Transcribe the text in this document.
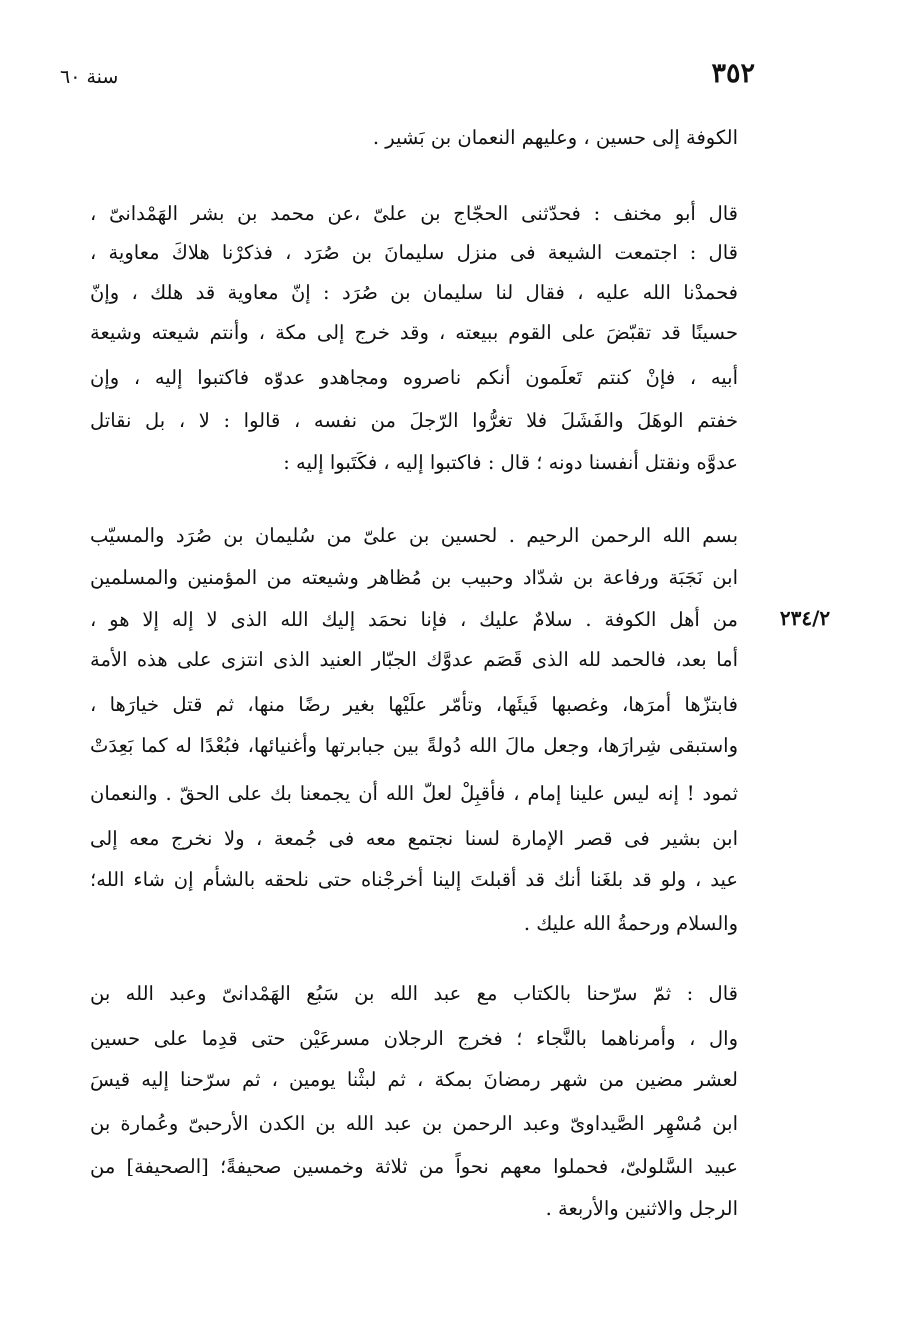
٣٥٢
سنة ٦٠
٢٣٤/٢
الكوفة إلى حسين ، وعليهم النعمان بن بَشير .
قال أبو مخنف : فحدّثنى الحجّاج بن علىّ ،عن محمد بن بشر الهَمْدانىّ ،
قال : اجتمعت الشيعة فى منزل سليمانَ بن صُرَد ، فذكرْنا هلاكَ معاوية ،
فحمدْنا الله عليه ، فقال لنا سليمان بن صُرَد : إنّ معاوية قد هلك ، وإنّ
حسينًا قد تقبّضَ على القوم ببيعته ، وقد خرج إلى مكة ، وأنتم شيعته وشيعة
أبيه ، فإنْ كنتم تَعلَمون أنكم ناصروه ومجاهدو عدوّه فاكتبوا إليه ، وإن
خفتم الوهَلَ والفَشَلَ فلا تغرُّوا الرّجلَ من نفسه ، قالوا : لا ، بل نقاتل
عدوَّه ونقتل أنفسنا دونه ؛ قال : فاكتبوا إليه ، فكَتَبوا إليه :
بسم الله الرحمن الرحيم . لحسين بن علىّ من سُليمان بن صُرَد والمسيّب
ابن نَجَبَة ورفاعة بن شدّاد وحبيب بن مُظاهر وشيعته من المؤمنين والمسلمين
من أهل الكوفة . سلامٌ عليك ، فإنا نحمَد إليك الله الذى لا إله إلا هو ،
أما بعد، فالحمد لله الذى قَصَم عدوَّك الجبّار العنيد الذى انتزى على هذه الأمة
فابتزّها أمرَها، وغصبها فَيئَها، وتأمّر علَيْها بغير رضًا منها، ثم قتل خيارَها ،
واستبقى شِرارَها، وجعل مالَ الله دُولةً بين جبابرتها وأغنيائها، فبُعْدًا له كما بَعِدَتْ
ثمود ! إنه ليس علينا إمام ، فأقبِلْ لعلّ الله أن يجمعنا بك على الحقّ . والنعمان
ابن بشير فى قصر الإمارة لسنا نجتمع معه فى جُمعة ، ولا نخرج معه إلى
عيد ، ولو قد بلغَنا أنك قد أقبلتَ إلينا أخرجْناه حتى نلحقه بالشأم إن شاء الله؛
والسلام ورحمةُ الله عليك .
قال : ثمّ سرّحنا بالكتاب مع عبد الله بن سَبُع الهَمْدانىّ وعبد الله بن
وال ، وأمرناهما بالنَّجاء ؛ فخرج الرجلان مسرعَيْن حتى قدِما على حسين
لعشر مضين من شهر رمضانَ بمكة ، ثم لبثْنا يومين ، ثم سرّحنا إليه قيسَ
ابن مُسْهِر الصَّيداوىّ وعبد الرحمن بن عبد الله بن الكدن الأرحبىّ وعُمارة بن
عبيد السَّلولىّ، فحملوا معهم نحواً من ثلاثة وخمسين صحيفةً؛ [الصحيفة] من
الرجل والاثنين والأربعة .
